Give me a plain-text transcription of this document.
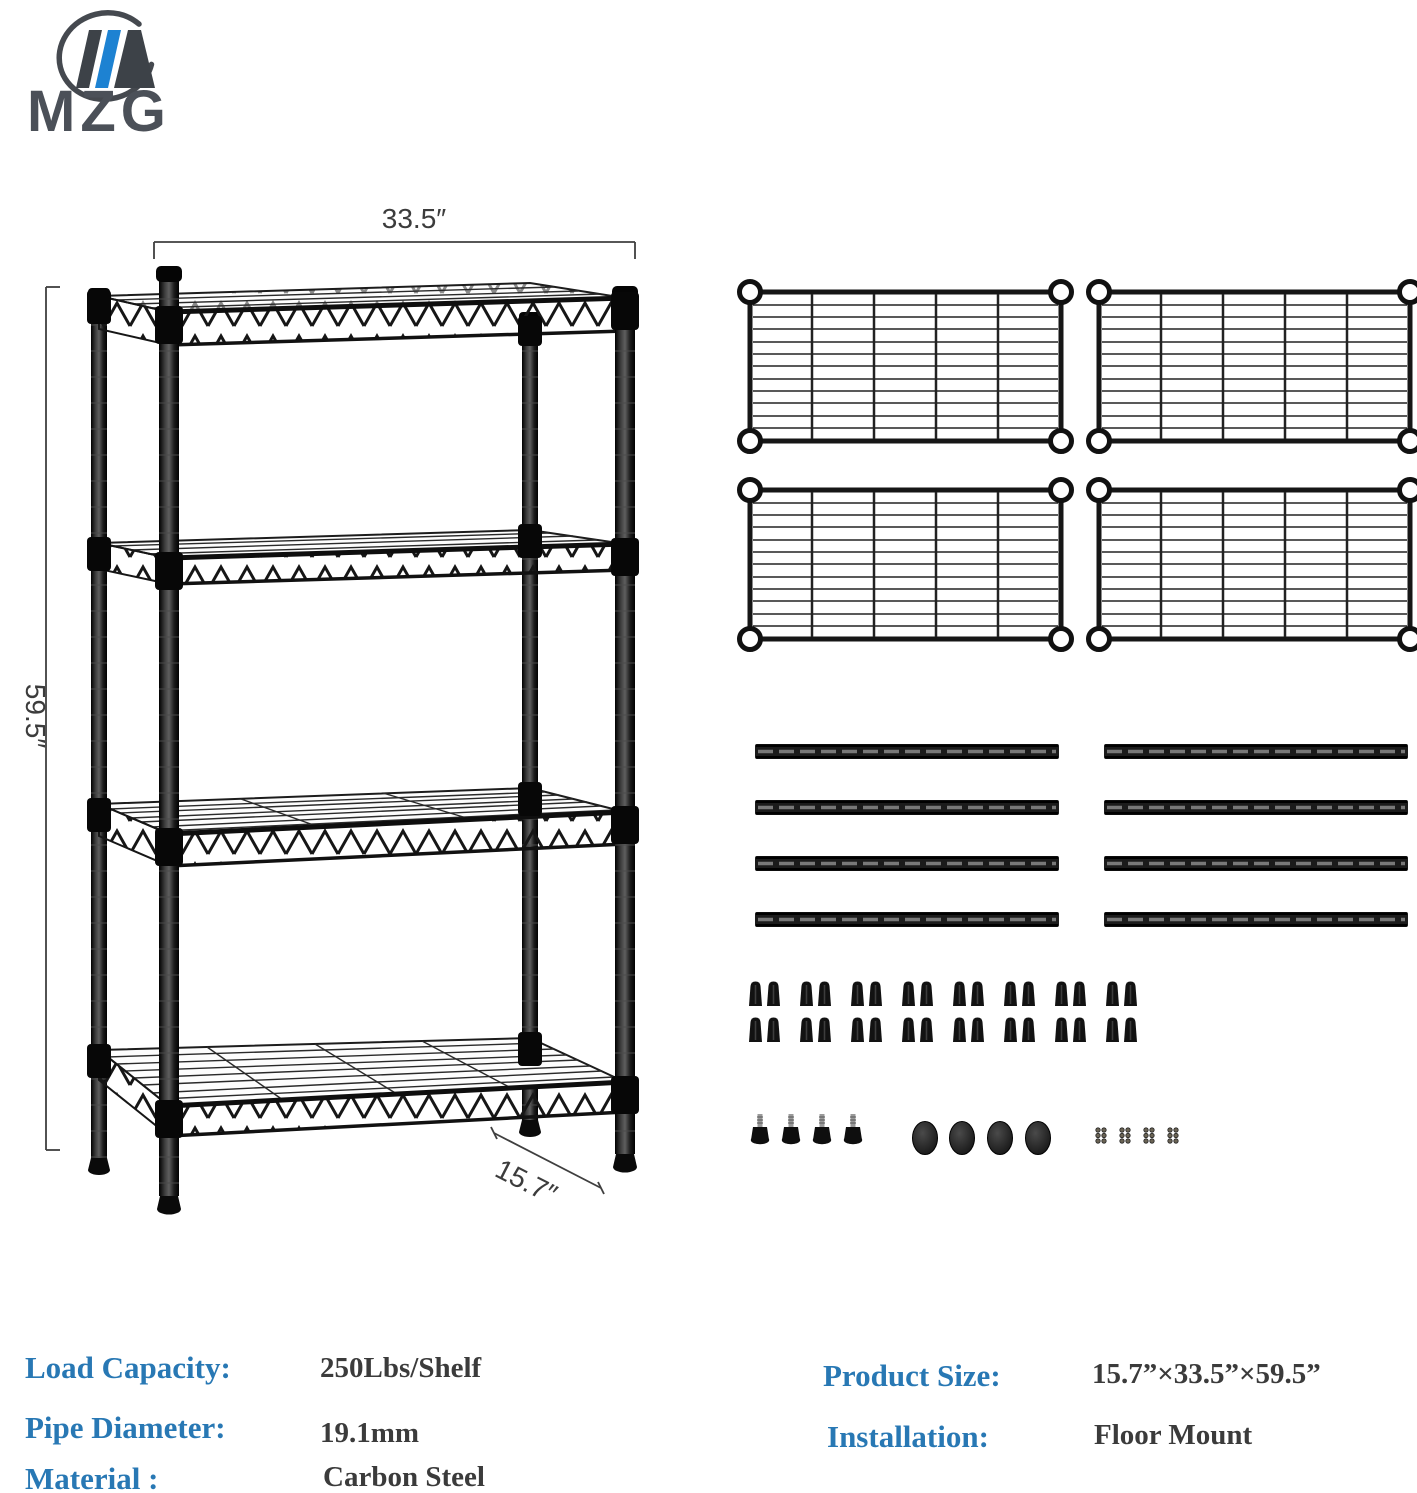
MZG
33.5″
59.5″
15.7″
Load Capacity:	250Lbs/Shelf
Pipe Diameter:	19.1mm
Material :	Carbon Steel
Product Size:	15.7”×33.5”×59.5”
Installation:	Floor Mount
